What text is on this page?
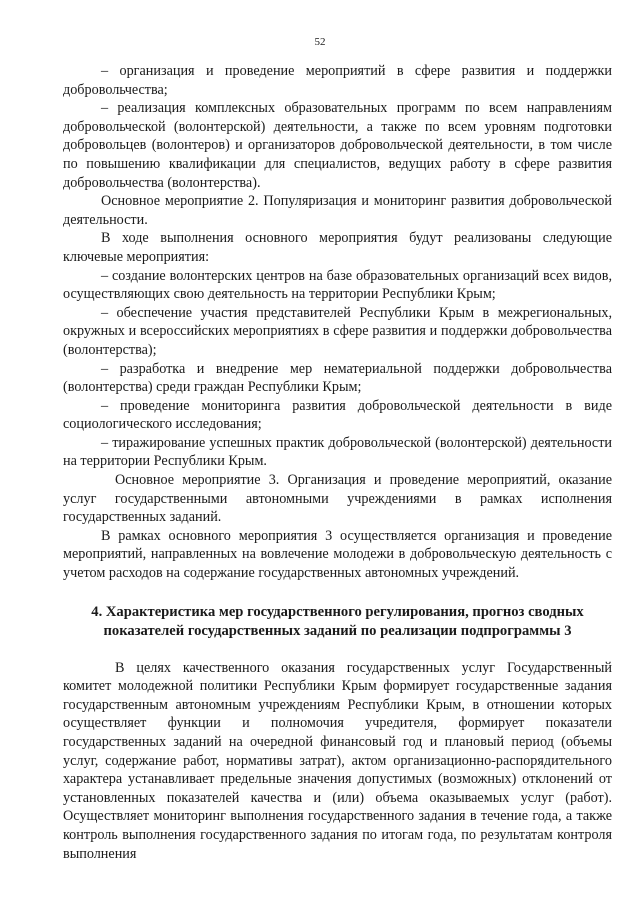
52

– организация и проведение мероприятий в сфере развития и поддержки добровольчества;

– реализация комплексных образовательных программ по всем направлениям добровольческой (волонтерской) деятельности, а также по всем уровням подготовки добровольцев (волонтеров) и организаторов добровольческой деятельности, в том числе по повышению квалификации для специалистов, ведущих работу в сфере развития добровольчества (волонтерства).

Основное мероприятие 2. Популяризация и мониторинг развития добровольческой деятельности.

В ходе выполнения основного мероприятия будут реализованы следующие ключевые мероприятия:

– создание волонтерских центров на базе образовательных организаций всех видов, осуществляющих свою деятельность на территории Республики Крым;

– обеспечение участия представителей Республики Крым в межрегиональных, окружных и всероссийских мероприятиях в сфере развития и поддержки добровольчества (волонтерства);

– разработка и внедрение мер нематериальной поддержки добровольчества (волонтерства) среди граждан Республики Крым;

– проведение мониторинга развития добровольческой деятельности в виде социологического исследования;

– тиражирование успешных практик добровольческой (волонтерской) деятельности на территории Республики Крым.

Основное мероприятие 3. Организация и проведение мероприятий, оказание услуг государственными автономными учреждениями в рамках исполнения государственных заданий.

В рамках основного мероприятия 3 осуществляется организация и проведение мероприятий, направленных на вовлечение молодежи в добровольческую деятельность с учетом расходов на содержание государственных автономных учреждений.

4. Характеристика мер государственного регулирования, прогноз сводных показателей государственных заданий по реализации подпрограммы 3

В целях качественного оказания государственных услуг Государственный комитет молодежной политики Республики Крым формирует государственные задания государственным автономным учреждениям Республики Крым, в отношении которых осуществляет функции и полномочия учредителя, формирует показатели государственных заданий на очередной финансовый год и плановый период (объемы услуг, содержание работ, нормативы затрат), актом организационно-распорядительного характера устанавливает предельные значения допустимых (возможных) отклонений от установленных показателей качества и (или) объема оказываемых услуг (работ). Осуществляет мониторинг выполнения государственного задания в течение года, а также контроль выполнения государственного задания по итогам года, по результатам контроля выполнения
